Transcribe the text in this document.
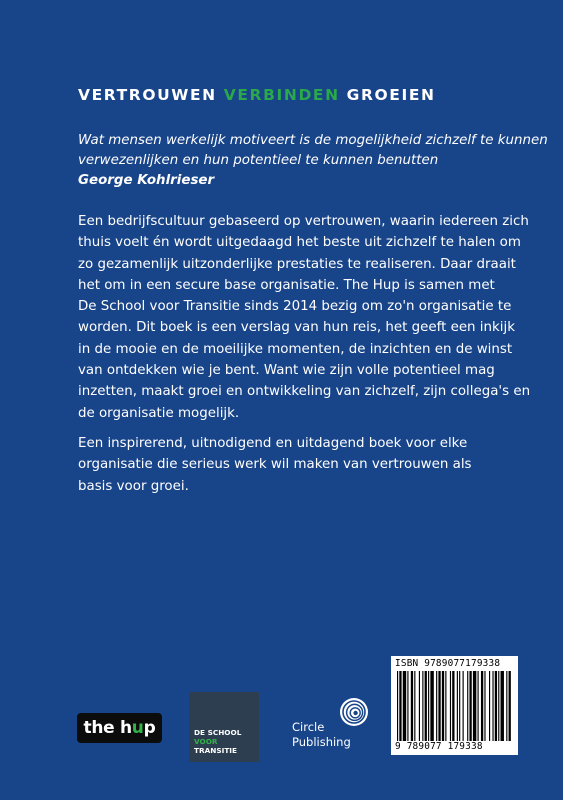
VERTROUWEN VERBINDEN GROEIEN
Wat mensen werkelijk motiveert is de mogelijkheid zichzelf te kunnen
verwezenlijken en hun potentieel te kunnen benutten
George Kohlrieser
Een bedrijfscultuur gebaseerd op vertrouwen, waarin iedereen zich
thuis voelt én wordt uitgedaagd het beste uit zichzelf te halen om
zo gezamenlijk uitzonderlijke prestaties te realiseren. Daar draait
het om in een secure base organisatie. The Hup is samen met
De School voor Transitie sinds 2014 bezig om zo'n organisatie te
worden. Dit boek is een verslag van hun reis, het geeft een inkijk
in de mooie en de moeilijke momenten, de inzichten en de winst
van ontdekken wie je bent. Want wie zijn volle potentieel mag
inzetten, maakt groei en ontwikkeling van zichzelf, zijn collega's en
de organisatie mogelijk.
Een inspirerend, uitnodigend en uitdagend boek voor elke
organisatie die serieus werk wil maken van vertrouwen als
basis voor groei.
the h u p	DE SCHOOL
VOOR
TRANSITIE
Circle
Publishing
ISBN 9789077179338
9 789077 179338
